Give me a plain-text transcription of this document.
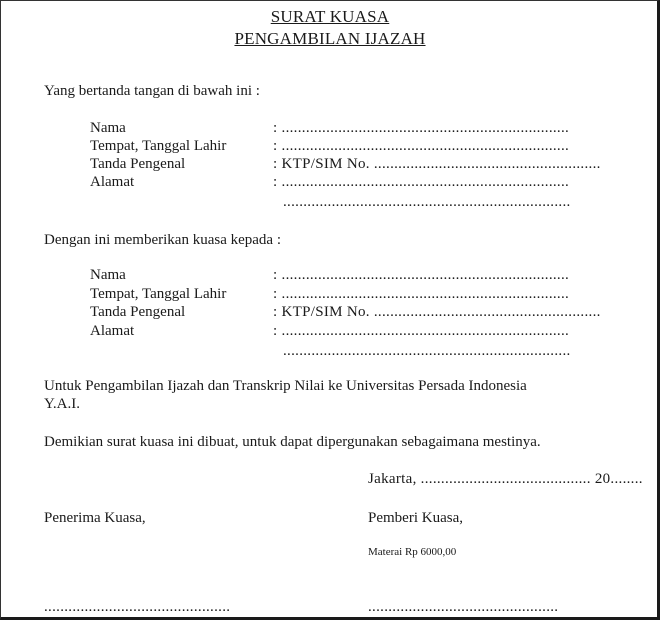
SURAT KUASA
PENGAMBILAN IJAZAH
Yang bertanda tangan di bawah ini :
Nama	: .......................................................................
Tempat, Tanggal Lahir	: .......................................................................
Tanda Pengenal	: KTP/SIM No. ........................................................
Alamat	: .......................................................................
.......................................................................
Dengan ini memberikan kuasa kepada :
Nama	: .......................................................................
Tempat, Tanggal Lahir	: .......................................................................
Tanda Pengenal	: KTP/SIM No. ........................................................
Alamat	: .......................................................................
.......................................................................
Untuk Pengambilan Ijazah dan Transkrip Nilai ke Universitas Persada Indonesia
Y.A.I.
Demikian surat kuasa ini dibuat, untuk dapat dipergunakan sebagaimana mestinya.
Jakarta, .......................................... 20........
Penerima Kuasa,	Pemberi Kuasa,
Materai Rp 6000,00
..............................................	...............................................
